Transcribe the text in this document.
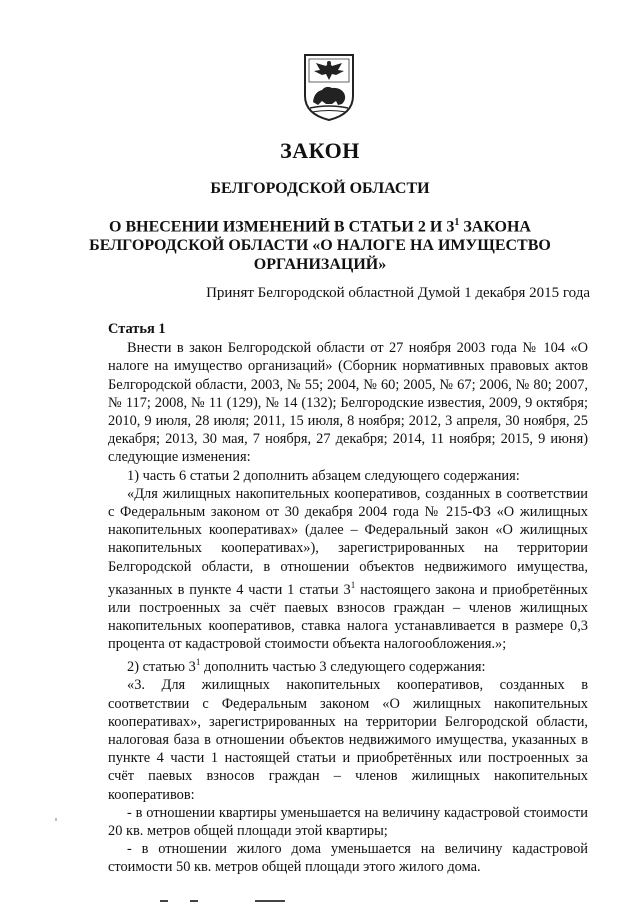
ЗАКОН
БЕЛГОРОДСКОЙ ОБЛАСТИ
О ВНЕСЕНИИ ИЗМЕНЕНИЙ В СТАТЬИ 2 И $3^1$ ЗАКОНА
БЕЛГОРОДСКОЙ ОБЛАСТИ «О НАЛОГЕ НА ИМУЩЕСТВО
ОРГАНИЗАЦИЙ»
Принят Белгородской областной Думой 1 декабря 2015 года

Статья 1

Внести в закон Белгородской области от 27 ноября 2003 года № 104 «О налоге на имущество организаций» (Сборник нормативных правовых актов Белгородской области, 2003, № 55; 2004, № 60; 2005, № 67; 2006, № 80; 2007, № 117; 2008, № 11 (129), № 14 (132); Белгородские известия, 2009, 9 октября; 2010, 9 июля, 28 июля; 2011, 15 июля, 8 ноября; 2012, 3 апреля, 30 ноября, 25 декабря; 2013, 30 мая, 7 ноября, 27 декабря; 2014, 11 ноября; 2015, 9 июня) следующие изменения:

1) часть 6 статьи 2 дополнить абзацем следующего содержания:

«Для жилищных накопительных кооперативов, созданных в соответствии с Федеральным законом от 30 декабря 2004 года № 215-ФЗ «О жилищных накопительных кооперативах» (далее – Федеральный закон «О жилищных накопительных кооперативах»), зарегистрированных на территории Белгородской области, в отношении объектов недвижимого имущества, указанных в пункте 4 части 1 статьи $3^1$ настоящего закона и приобретённых или построенных за счёт паевых взносов граждан – членов жилищных накопительных кооперативов, ставка налога устанавливается в размере 0,3 процента от кадастровой стоимости объекта налогообложения.»;

2) статью $3^1$ дополнить частью 3 следующего содержания:

«3. Для жилищных накопительных кооперативов, созданных в соответствии с Федеральным законом «О жилищных накопительных кооперативах», зарегистрированных на территории Белгородской области, налоговая база в отношении объектов недвижимого имущества, указанных в пункте 4 части 1 настоящей статьи и приобретённых или построенных за счёт паевых взносов граждан – членов жилищных накопительных кооперативов:

- в отношении квартиры уменьшается на величину кадастровой стоимости 20 кв. метров общей площади этой квартиры;

- в отношении жилого дома уменьшается на величину кадастровой стоимости 50 кв. метров общей площади этого жилого дома.
